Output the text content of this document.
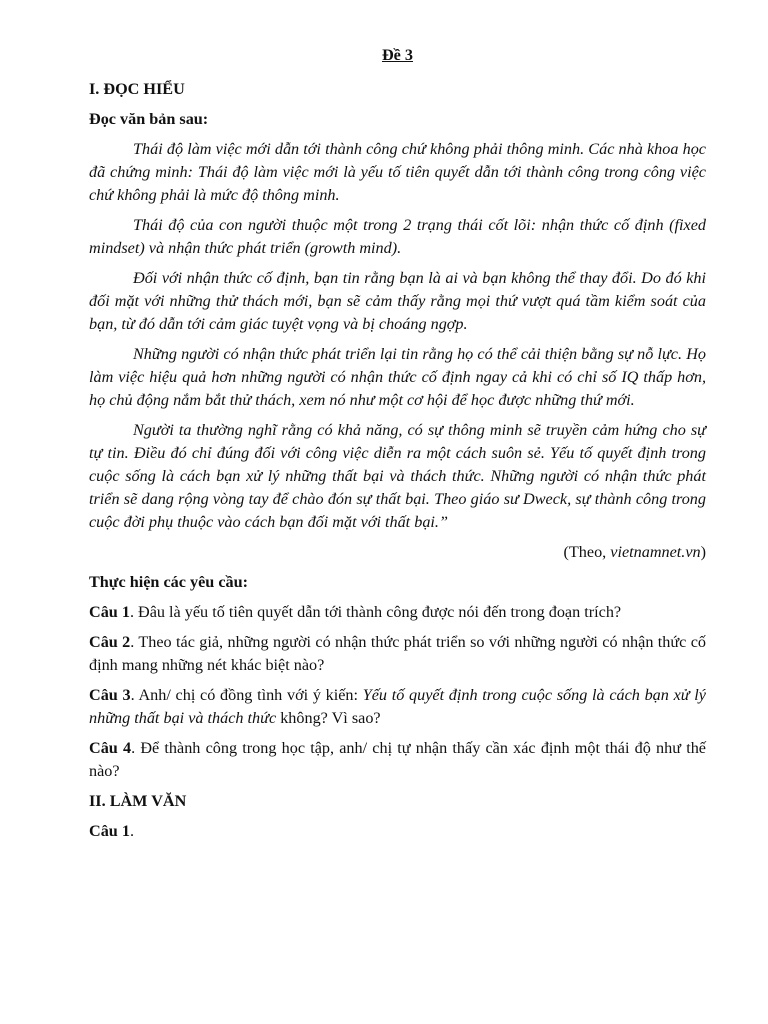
Đề 3
I. ĐỌC HIỂU
Đọc văn bản sau:
Thái độ làm việc mới dẫn tới thành công chứ không phải thông minh. Các nhà khoa học đã chứng minh: Thái độ làm việc mới là yếu tố tiên quyết dẫn tới thành công trong công việc chứ không phải là mức độ thông minh.
Thái độ của con người thuộc một trong 2 trạng thái cốt lõi: nhận thức cố định (fixed mindset) và nhận thức phát triển (growth mind).
Đối với nhận thức cố định, bạn tin rằng bạn là ai và bạn không thể thay đổi. Do đó khi đối mặt với những thử thách mới, bạn sẽ cảm thấy rằng mọi thứ vượt quá tầm kiểm soát của bạn, từ đó dẫn tới cảm giác tuyệt vọng và bị choáng ngợp.
Những người có nhận thức phát triển lại tin rằng họ có thể cải thiện bằng sự nỗ lực. Họ làm việc hiệu quả hơn những người có nhận thức cố định ngay cả khi có chỉ số IQ thấp hơn, họ chủ động nắm bắt thử thách, xem nó như một cơ hội để học được những thứ mới.
Người ta thường nghĩ rằng có khả năng, có sự thông minh sẽ truyền cảm hứng cho sự tự tin. Điều đó chỉ đúng đối với công việc diễn ra một cách suôn sẻ. Yếu tố quyết định trong cuộc sống là cách bạn xử lý những thất bại và thách thức. Những người có nhận thức phát triển sẽ dang rộng vòng tay để chào đón sự thất bại. Theo giáo sư Dweck, sự thành công trong cuộc đời phụ thuộc vào cách bạn đối mặt với thất bại.”
(Theo, vietnamnet.vn)
Thực hiện các yêu cầu:
Câu 1. Đâu là yếu tố tiên quyết dẫn tới thành công được nói đến trong đoạn trích?
Câu 2. Theo tác giả, những người có nhận thức phát triển so với những người có nhận thức cố định mang những nét khác biệt nào?
Câu 3. Anh/ chị có đồng tình với ý kiến: Yếu tố quyết định trong cuộc sống là cách bạn xử lý những thất bại và thách thức không? Vì sao?
Câu 4. Để thành công trong học tập, anh/ chị tự nhận thấy cần xác định một thái độ như thế nào?
II. LÀM VĂN
Câu 1.
